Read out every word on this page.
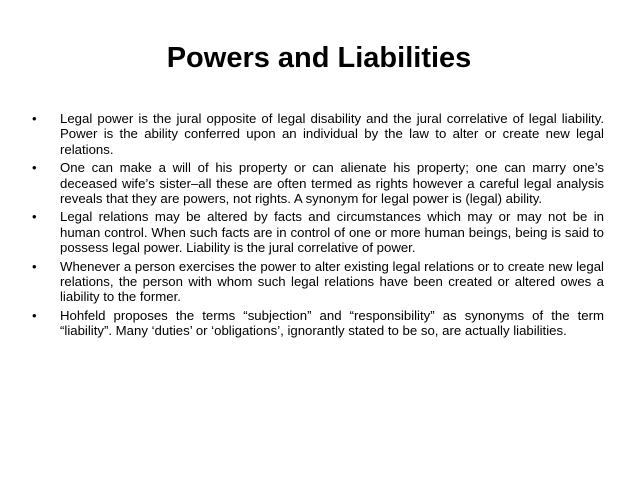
Powers and Liabilities
•	Legal power is the jural opposite of legal disability and the jural correlative of legal liability. Power is the ability conferred upon an individual by the law to alter or create new legal relations.
•	One can make a will of his property or can alienate his property; one can marry one’s deceased wife’s sister–all these are often termed as rights however a careful legal analysis reveals that they are powers, not rights. A synonym for legal power is (legal) ability.
•	Legal relations may be altered by facts and circumstances which may or may not be in human control. When such facts are in control of one or more human beings, being is said to possess legal power. Liability is the jural correlative of power.
•	Whenever a person exercises the power to alter existing legal relations or to create new legal relations, the person with whom such legal relations have been created or altered owes a liability to the former.
•	Hohfeld proposes the terms “subjection” and “responsibility” as synonyms of the term “liability”. Many ‘duties’ or ‘obligations’, ignorantly stated to be so, are actually liabilities.
